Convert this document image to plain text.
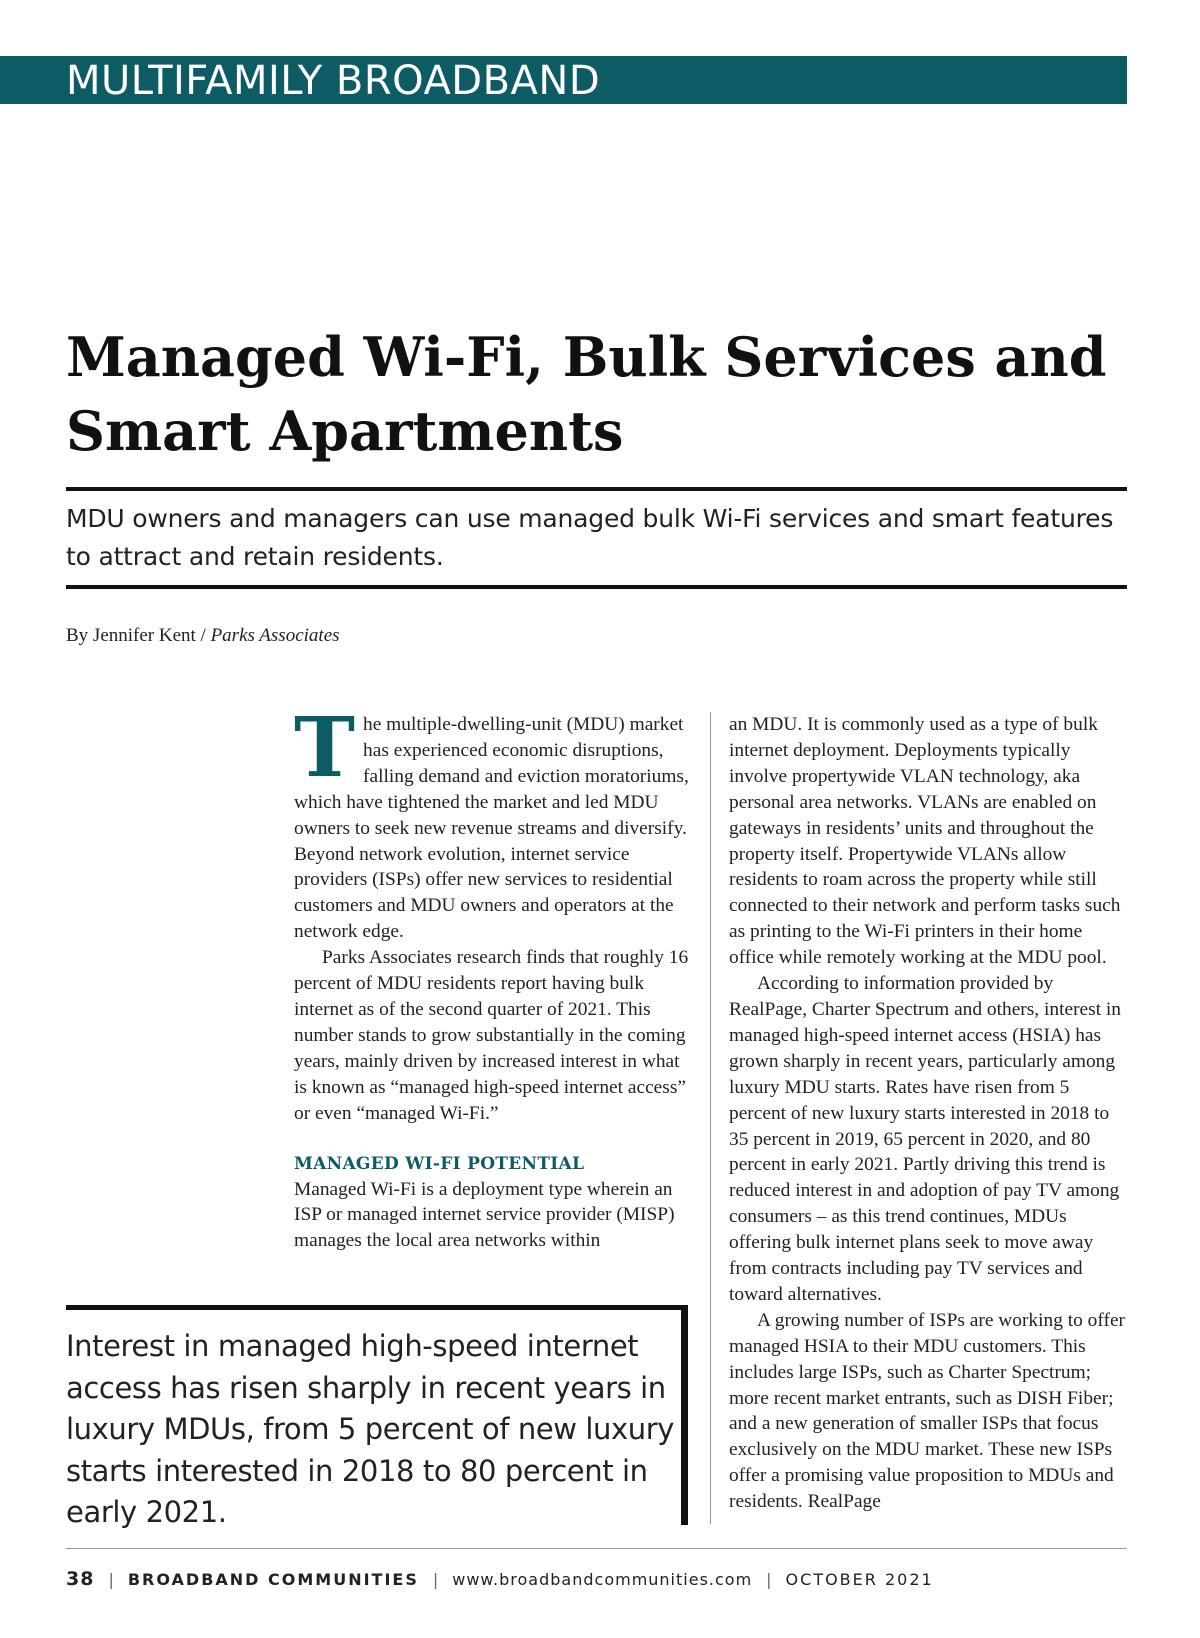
MULTIFAMILY BROADBAND
Managed Wi-Fi, Bulk Services and
Smart Apartments

MDU owners and managers can use managed bulk Wi-Fi services and smart features to attract and retain residents.

By Jennifer Kent / Parks Associates

The multiple-dwelling-unit (MDU) market has experienced economic disruptions, falling demand and eviction moratoriums, which have tightened the market and led MDU owners to seek new revenue streams and diversify. Beyond network evolution, internet service providers (ISPs) offer new services to residential customers and MDU owners and operators at the network edge.

Parks Associates research finds that roughly 16 percent of MDU residents report having bulk internet as of the second quarter of 2021. This number stands to grow substantially in the coming years, mainly driven by increased interest in what is known as “managed high-speed internet access” or even “managed Wi-Fi.”

MANAGED WI-FI POTENTIAL

Managed Wi-Fi is a deployment type wherein an ISP or managed internet service provider (MISP) manages the local area networks within

an MDU. It is commonly used as a type of bulk internet deployment. Deployments typically involve propertywide VLAN technology, aka personal area networks. VLANs are enabled on gateways in residents’ units and throughout the property itself. Propertywide VLANs allow residents to roam across the property while still connected to their network and perform tasks such as printing to the Wi-Fi printers in their home office while remotely working at the MDU pool.

According to information provided by RealPage, Charter Spectrum and others, interest in managed high-speed internet access (HSIA) has grown sharply in recent years, particularly among luxury MDU starts. Rates have risen from 5 percent of new luxury starts interested in 2018 to 35 percent in 2019, 65 percent in 2020, and 80 percent in early 2021. Partly driving this trend is reduced interest in and adoption of pay TV among consumers – as this trend continues, MDUs offering bulk internet plans seek to move away from contracts including pay TV services and toward alternatives.

A growing number of ISPs are working to offer managed HSIA to their MDU customers. This includes large ISPs, such as Charter Spectrum; more recent market entrants, such as DISH Fiber; and a new generation of smaller ISPs that focus exclusively on the MDU market. These new ISPs offer a promising value proposition to MDUs and residents. RealPage

Interest in managed high-speed internet access has risen sharply in recent years in luxury MDUs, from 5 percent of new luxury starts interested in 2018 to 80 percent in early 2021.

38 | BROADBAND COMMUNITIES | www.broadbandcommunities.com | OCTOBER 2021
